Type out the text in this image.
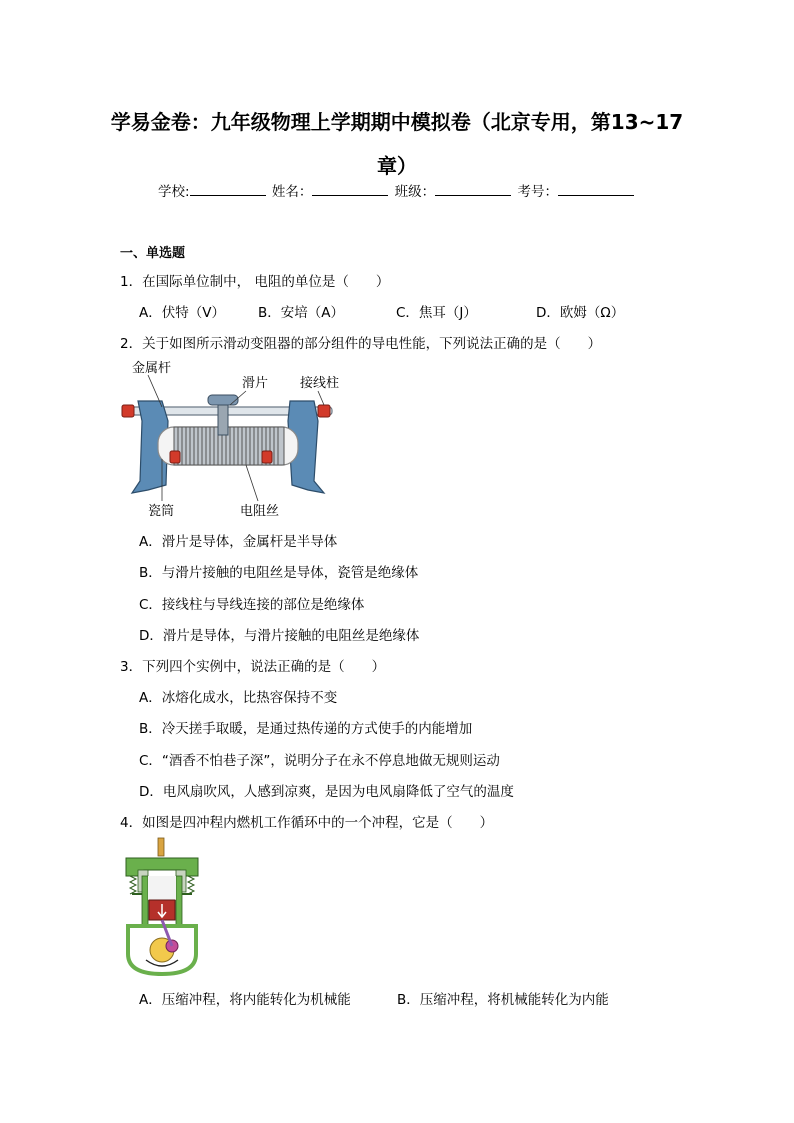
学易金卷：九年级物理上学期期中模拟卷（北京专用，第13~17
章）
学校:	姓名：	班级：	考号：
一、单选题
1．在国际单位制中， 电阻的单位是（　　）
A．伏特（V） B．安培（A）	C．焦耳（J）	D．欧姆（Ω）
2．关于如图所示滑动变阻器的部分组件的导电性能，下列说法正确的是（　　）
金属杆
滑片 接线柱
瓷筒	电阻丝
A．滑片是导体，金属杆是半导体
B．与滑片接触的电阻丝是导体，瓷管是绝缘体
C．接线柱与导线连接的部位是绝缘体
D．滑片是导体，与滑片接触的电阻丝是绝缘体
3．下列四个实例中，说法正确的是（　　）
A．冰熔化成水，比热容保持不变
B．冷天搓手取暖，是通过热传递的方式使手的内能增加
C．“酒香不怕巷子深”，说明分子在永不停息地做无规则运动
D．电风扇吹风，人感到凉爽，是因为电风扇降低了空气的温度
4．如图是四冲程内燃机工作循环中的一个冲程，它是（　　）
A．压缩冲程，将内能转化为机械能	B．压缩冲程，将机械能转化为内能
